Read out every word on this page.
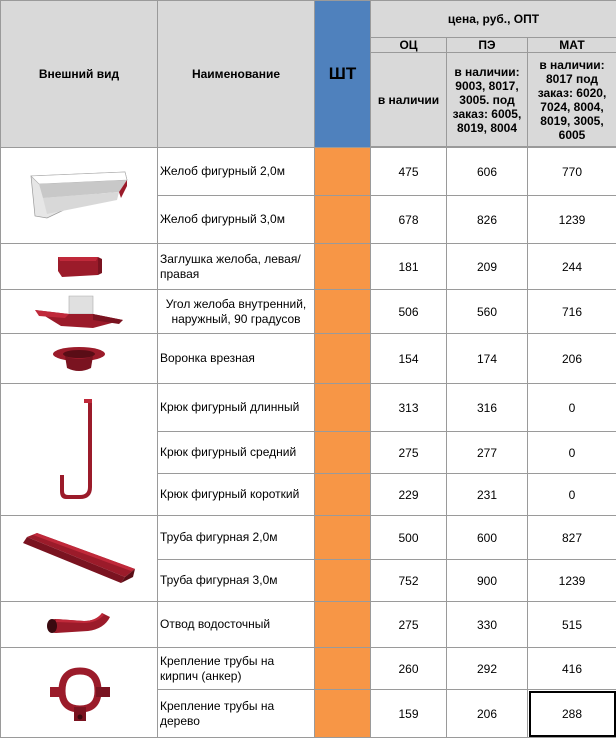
Внешний вид	Наименование	ШТ	цена, руб., ОПТ		
			ОЦ	ПЭ	МАТ
			в наличии	в наличии: 9003, 8017, 3005. под заказ: 6005, 8019, 8004	в наличии: 8017 под заказ: 6020, 7024, 8004, 8019, 3005, 6005

	Желоб фигурный 2,0м		475	606	770
	Желоб фигурный 3,0м		678	826	1239

	Заглушка желоба, левая/правая		181	209	244

	Угол желоба внутренний, наружный, 90 градусов		506	560	716

	Воронка врезная		154	174	206

	Крюк фигурный длинный		313	316	0
	Крюк фигурный средний		275	277	0
	Крюк фигурный короткий		229	231	0

	Труба фигурная 2,0м		500	600	827
	Труба фигурная 3,0м		752	900	1239

	Отвод водосточный		275	330	515

	Крепление трубы на кирпич (анкер)		260	292	416
	Крепление трубы на дерево		159	206	288
